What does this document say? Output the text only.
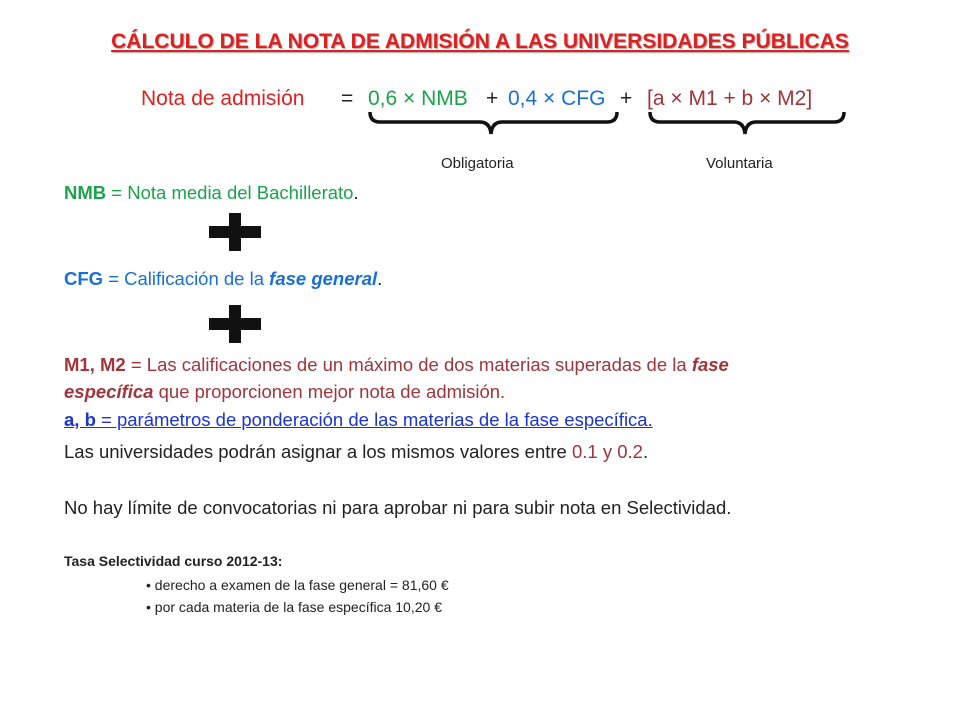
CÁLCULO DE LA NOTA DE ADMISIÓN A LAS UNIVERSIDADES PÚBLICAS
Nota de admisión = 0,6 × NMB + 0,4 × CFG + [a × M1 + b × M2]
Obligatoria	Voluntaria
NMB = Nota media del Bachillerato.
CFG = Calificación de la fase general.
M1, M2 = Las calificaciones de un máximo de dos materias superadas de la fase
específica que proporcionen mejor nota de admisión.
a, b = parámetros de ponderación de las materias de la fase específica.
Las universidades podrán asignar a los mismos valores entre 0.1 y 0.2.
No hay límite de convocatorias ni para aprobar ni para subir nota en Selectividad.
Tasa Selectividad curso 2012-13:
• derecho a examen de la fase general = 81,60 €
• por cada materia de la fase específica 10,20 €
